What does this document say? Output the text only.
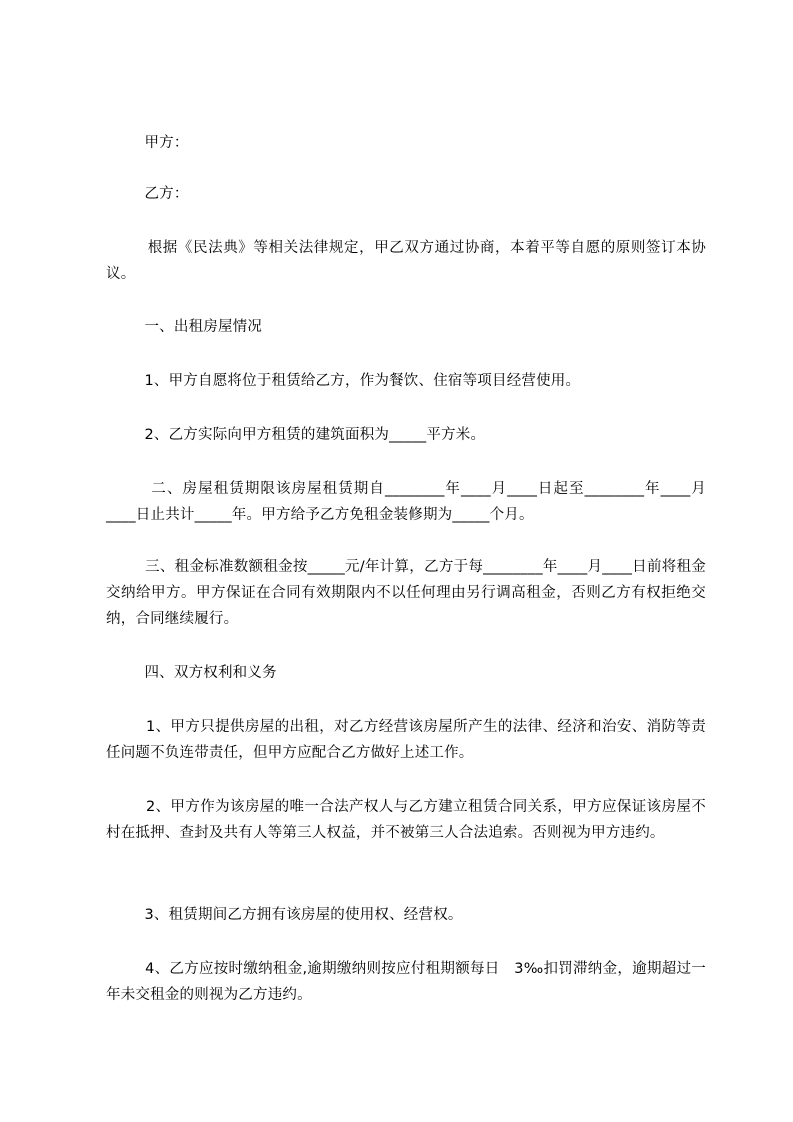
甲方：
乙方：
根据《民法典》等相关法律规定，甲乙双方通过协商，本着平等自愿的原则签订本协议。
一、出租房屋情况
1、甲方自愿将位于租赁给乙方，作为餐饮、住宿等项目经营使用。
2、乙方实际向甲方租赁的建筑面积为_____平方米。
二、房屋租赁期限该房屋租赁期自________年____月____日起至________年____月____日止共计_____年。甲方给予乙方免租金装修期为_____个月。
三、租金标准数额租金按_____元/年计算，乙方于每________年____月____日前将租金交纳给甲方。甲方保证在合同有效期限内不以任何理由另行调高租金，否则乙方有权拒绝交纳，合同继续履行。
四、双方权利和义务
1、甲方只提供房屋的出租，对乙方经营该房屋所产生的法律、经济和治安、消防等责任问题不负连带责任，但甲方应配合乙方做好上述工作。
2、甲方作为该房屋的唯一合法产权人与乙方建立租赁合同关系，甲方应保证该房屋不村在抵押、查封及共有人等第三人权益，并不被第三人合法追索。否则视为甲方违约。
3、租赁期间乙方拥有该房屋的使用权、经营权。
4、乙方应按时缴纳租金,逾期缴纳则按应付租期额每日   3‰扣罚滞纳金，逾期超过一年未交租金的则视为乙方违约。
